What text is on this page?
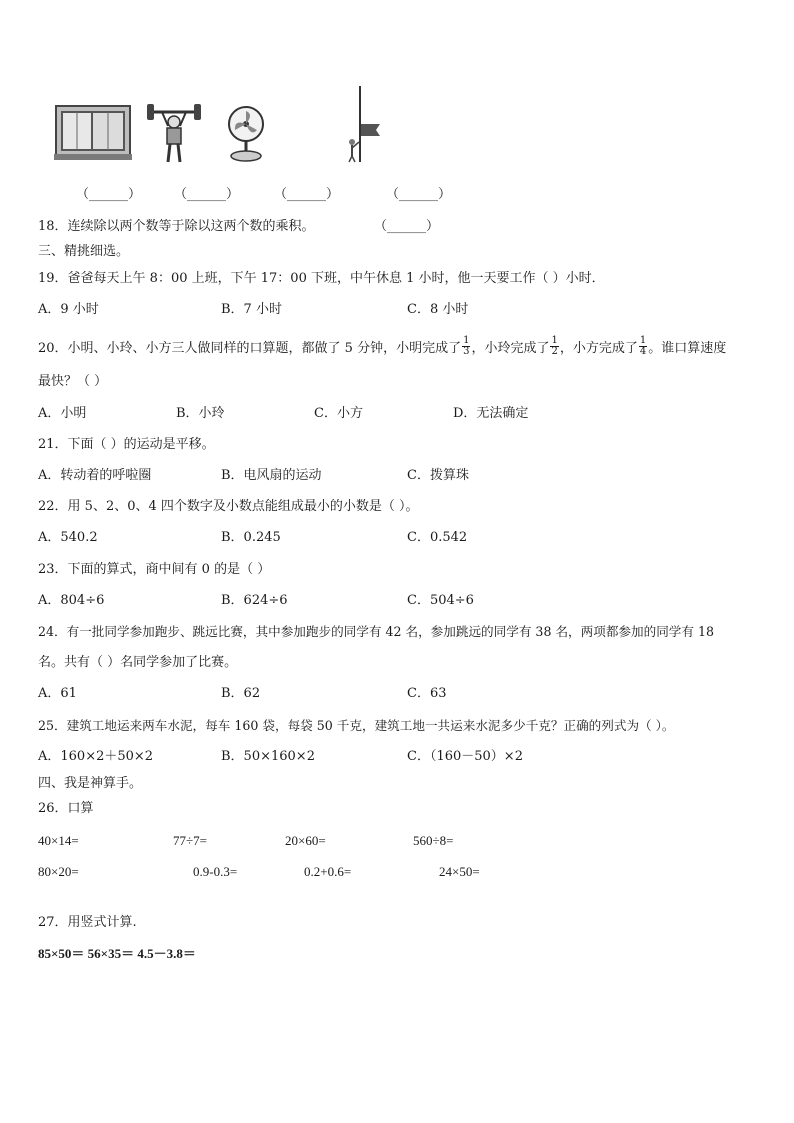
（______）	（______）	（______）	（______）
18．连续除以两个数等于除以这两个数的乘积。	（______）
三、精挑细选。
19．爸爸每天上午 8：00 上班，下午 17：00 下班，中午休息 1 小时，他一天要工作（ ）小时．
A．9 小时	B．7 小时	C．8 小时
20．小明、小玲、小方三人做同样的口算题，都做了 5 分钟，小明完成了 $\frac{1}{3}$ ，小玲完成了 $\frac{1}{2}$ ，小方完成了 $\frac{1}{4}$ 。谁口算速度
最快？（ ）
A．小明	B．小玲	C．小方	D．无法确定
21．下面（ ）的运动是平移。
A．转动着的呼啦圈	B．电风扇的运动	C．拨算珠
22．用 5、2、0、4 四个数字及小数点能组成最小的小数是（ ）。
A．540.2	B．0.245	C．0.542
23．下面的算式，商中间有 0 的是（ ）
A．804÷6	B．624÷6	C．504÷6
24．有一批同学参加跑步、跳远比赛，其中参加跑步的同学有 42 名，参加跳远的同学有 38 名，两项都参加的同学有 18
名。共有（ ）名同学参加了比赛。
A．61	B．62	C．63
25．建筑工地运来两车水泥，每车 160 袋，每袋 50 千克，建筑工地一共运来水泥多少千克？正确的列式为（ ）。
A．160×2＋50×2	B．50×160×2	C．（160－50）×2
四、我是神算手。
26．口算
40×14=	77÷7=	20×60=	560÷8=
80×20=	0.9-0.3=	0.2+0.6=	24×50=
27．用竖式计算.
85×50＝ 56×35＝ 4.5－3.8＝
